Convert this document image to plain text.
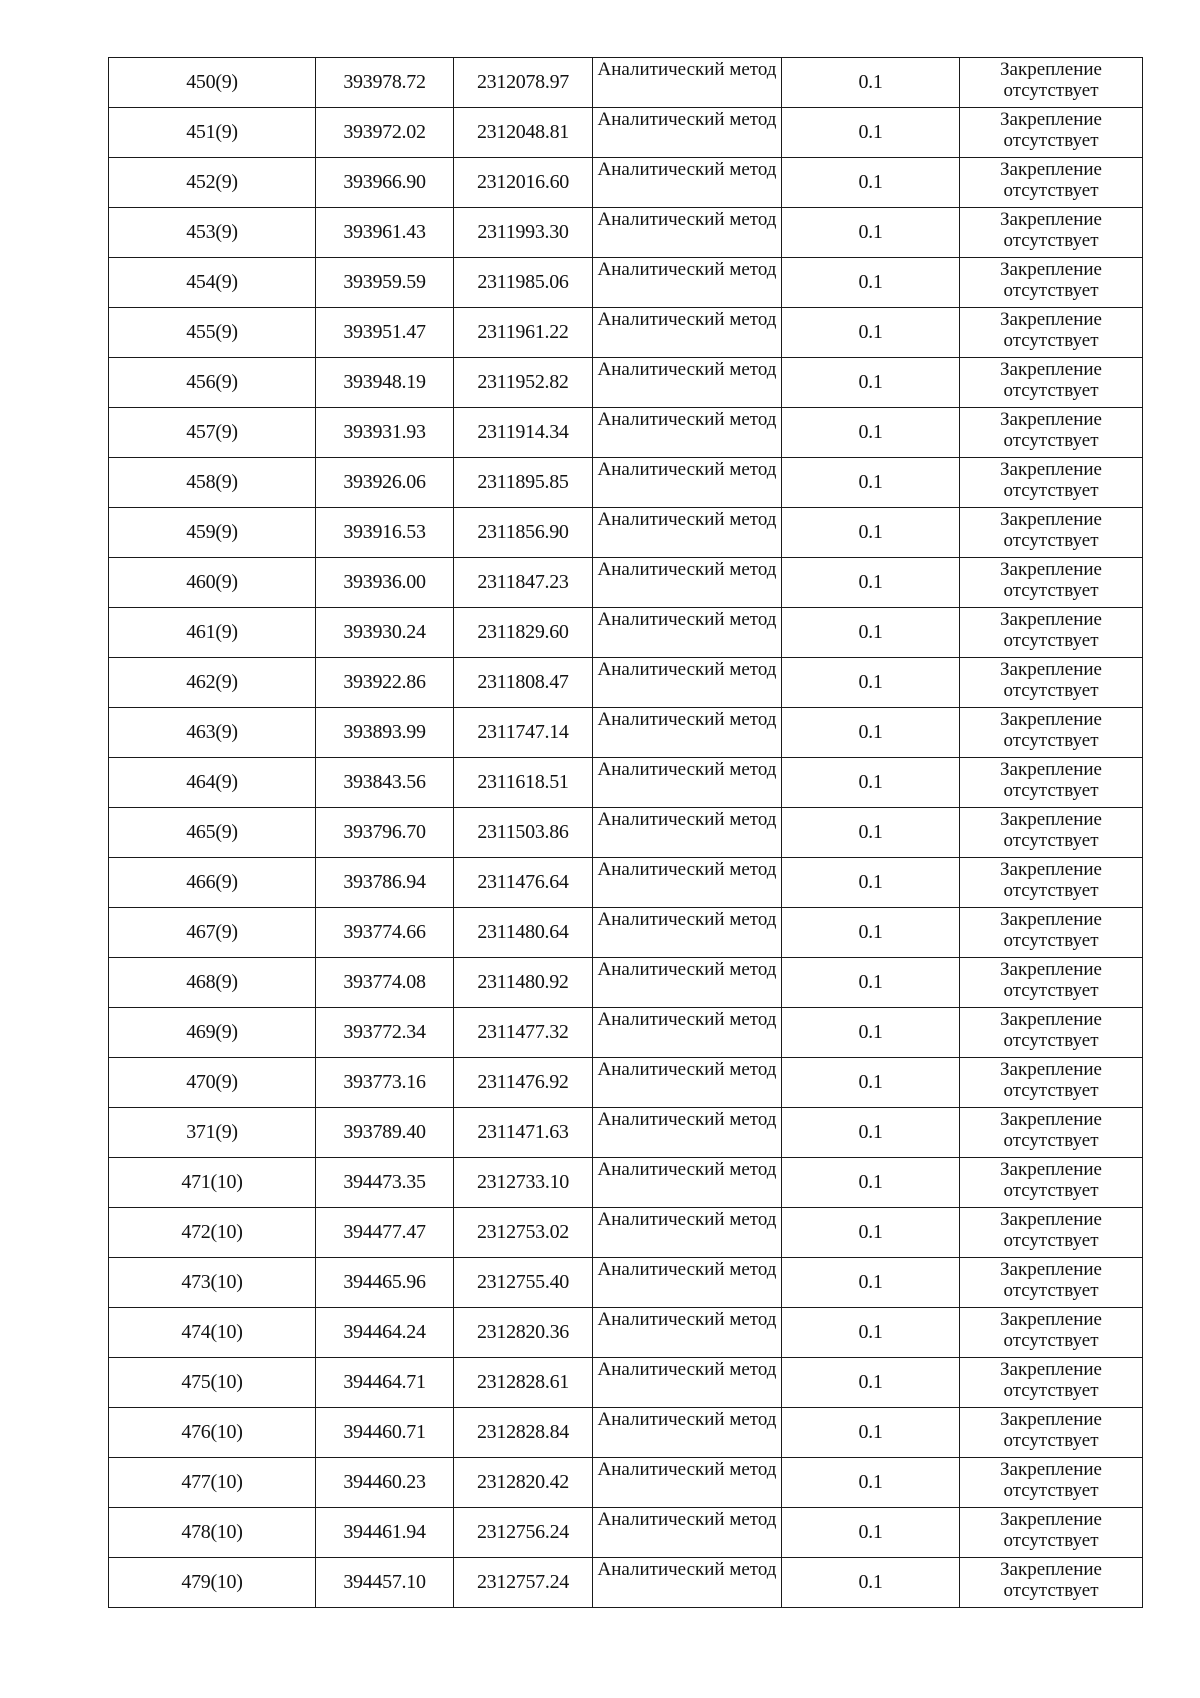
450(9)	393978.72	2312078.97	Аналитический метод	0.1	Закрепление отсутствует
451(9)	393972.02	2312048.81	Аналитический метод	0.1	Закрепление отсутствует
452(9)	393966.90	2312016.60	Аналитический метод	0.1	Закрепление отсутствует
453(9)	393961.43	2311993.30	Аналитический метод	0.1	Закрепление отсутствует
454(9)	393959.59	2311985.06	Аналитический метод	0.1	Закрепление отсутствует
455(9)	393951.47	2311961.22	Аналитический метод	0.1	Закрепление отсутствует
456(9)	393948.19	2311952.82	Аналитический метод	0.1	Закрепление отсутствует
457(9)	393931.93	2311914.34	Аналитический метод	0.1	Закрепление отсутствует
458(9)	393926.06	2311895.85	Аналитический метод	0.1	Закрепление отсутствует
459(9)	393916.53	2311856.90	Аналитический метод	0.1	Закрепление отсутствует
460(9)	393936.00	2311847.23	Аналитический метод	0.1	Закрепление отсутствует
461(9)	393930.24	2311829.60	Аналитический метод	0.1	Закрепление отсутствует
462(9)	393922.86	2311808.47	Аналитический метод	0.1	Закрепление отсутствует
463(9)	393893.99	2311747.14	Аналитический метод	0.1	Закрепление отсутствует
464(9)	393843.56	2311618.51	Аналитический метод	0.1	Закрепление отсутствует
465(9)	393796.70	2311503.86	Аналитический метод	0.1	Закрепление отсутствует
466(9)	393786.94	2311476.64	Аналитический метод	0.1	Закрепление отсутствует
467(9)	393774.66	2311480.64	Аналитический метод	0.1	Закрепление отсутствует
468(9)	393774.08	2311480.92	Аналитический метод	0.1	Закрепление отсутствует
469(9)	393772.34	2311477.32	Аналитический метод	0.1	Закрепление отсутствует
470(9)	393773.16	2311476.92	Аналитический метод	0.1	Закрепление отсутствует
371(9)	393789.40	2311471.63	Аналитический метод	0.1	Закрепление отсутствует
471(10)	394473.35	2312733.10	Аналитический метод	0.1	Закрепление отсутствует
472(10)	394477.47	2312753.02	Аналитический метод	0.1	Закрепление отсутствует
473(10)	394465.96	2312755.40	Аналитический метод	0.1	Закрепление отсутствует
474(10)	394464.24	2312820.36	Аналитический метод	0.1	Закрепление отсутствует
475(10)	394464.71	2312828.61	Аналитический метод	0.1	Закрепление отсутствует
476(10)	394460.71	2312828.84	Аналитический метод	0.1	Закрепление отсутствует
477(10)	394460.23	2312820.42	Аналитический метод	0.1	Закрепление отсутствует
478(10)	394461.94	2312756.24	Аналитический метод	0.1	Закрепление отсутствует
479(10)	394457.10	2312757.24	Аналитический метод	0.1	Закрепление отсутствует
